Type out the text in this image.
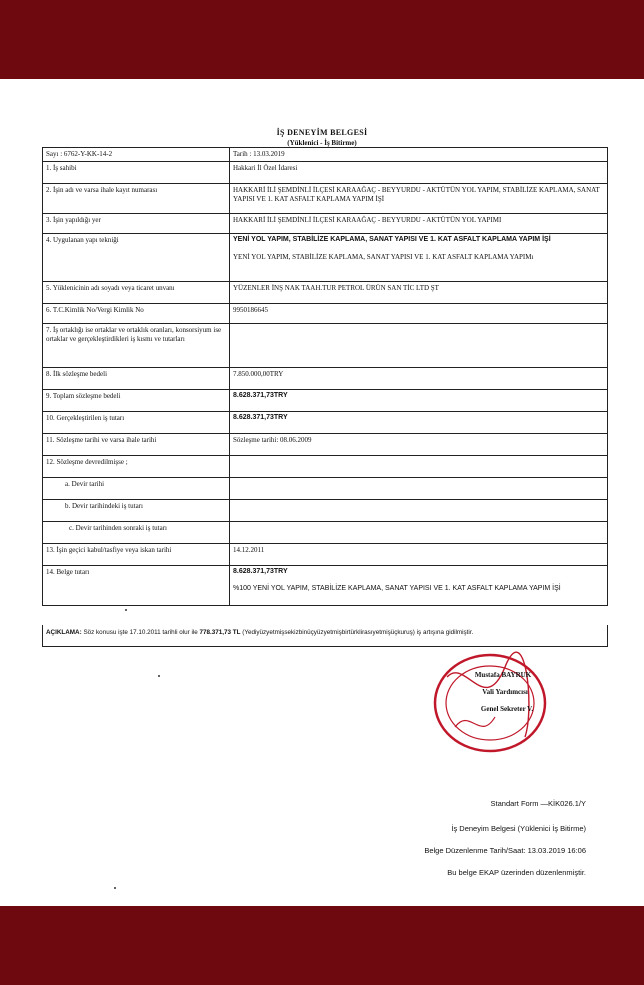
İŞ DENEYİM BELGESİ
(Yüklenici - İş Bitirme)
Sayı : 6762-Y-KK-14-2	Tarih : 13.03.2019
1. İş sahibi	Hakkari İl Özel İdaresi
2. İşin adı ve varsa ihale kayıt numarası	HAKKARİ İLİ ŞEMDİNLİ İLÇESİ KARAAĞAÇ - BEYYURDU - AKTÜTÜN YOL YAPIM, STABİLİZE KAPLAMA, SANAT YAPISI VE 1. KAT ASFALT KAPLAMA YAPIM İŞİ
3. İşin yapıldığı yer	HAKKARİ İLİ ŞEMDİNLİ İLÇESİ KARAAĞAÇ - BEYYURDU - AKTÜTÜN YOL YAPIMI
4. Uygulanan yapı tekniği	YENİ YOL YAPIM, STABİLİZE KAPLAMA, SANAT YAPISI VE 1. KAT ASFALT KAPLAMA YAPIM İŞİ
YENİ YOL YAPIM, STABİLİZE KAPLAMA, SANAT YAPISI VE 1. KAT ASFALT KAPLAMA YAPIMı

5. Yüklenicinin adı soyadı veya ticaret unvanı	YÜZENLER İNŞ NAK TAAH.TUR PETROL ÜRÜN SAN TİC LTD ŞT
6. T.C.Kimlik No/Vergi Kimlik No	9950186645
7. İş ortaklığı ise ortaklar ve ortaklık oranları, konsorsiyum ise ortaklar ve gerçekleştirdikleri iş kısmı ve tutarları	
8. İlk sözleşme bedeli	7.850.000,00TRY
9. Toplam sözleşme bedeli	8.628.371,73TRY
10. Gerçekleştirilen iş tutarı	8.628.371,73TRY
11. Sözleşme tarihi ve varsa ihale tarihi	Sözleşme tarihi: 08.06.2009
12. Sözleşme devredilmişse ;	
a. Devir tarihi	
b. Devir tarihindeki iş tutarı	
c. Devir tarihinden sonraki iş tutarı	
13. İşin geçici kabul/tasfiye veya iskan tarihi	14.12.2011
14. Belge tutarı	8.628.371,73TRY
%100 YENİ YOL YAPIM, STABİLİZE KAPLAMA, SANAT YAPISI VE 1. KAT ASFALT KAPLAMA YAPIM İŞİ
AÇIKLAMA: Söz konusu işte 17.10.2011 tarihli olur ile 778.371,73 TL (Yediyüzyetmişsekizbinüçyüzyetmişbirtürklirasıyetmişüçkuruş) iş artışına gidilmiştir.
Mustafa BAYRUK
Vali Yardımcısı
Genel Sekreter V.
Standart Form —KİK026.1/Y
İş Deneyim Belgesi (Yüklenici İş Bitirme)
Belge Düzenlenme Tarih/Saat: 13.03.2019 16:06
Bu belge EKAP üzerinden düzenlenmiştir.
